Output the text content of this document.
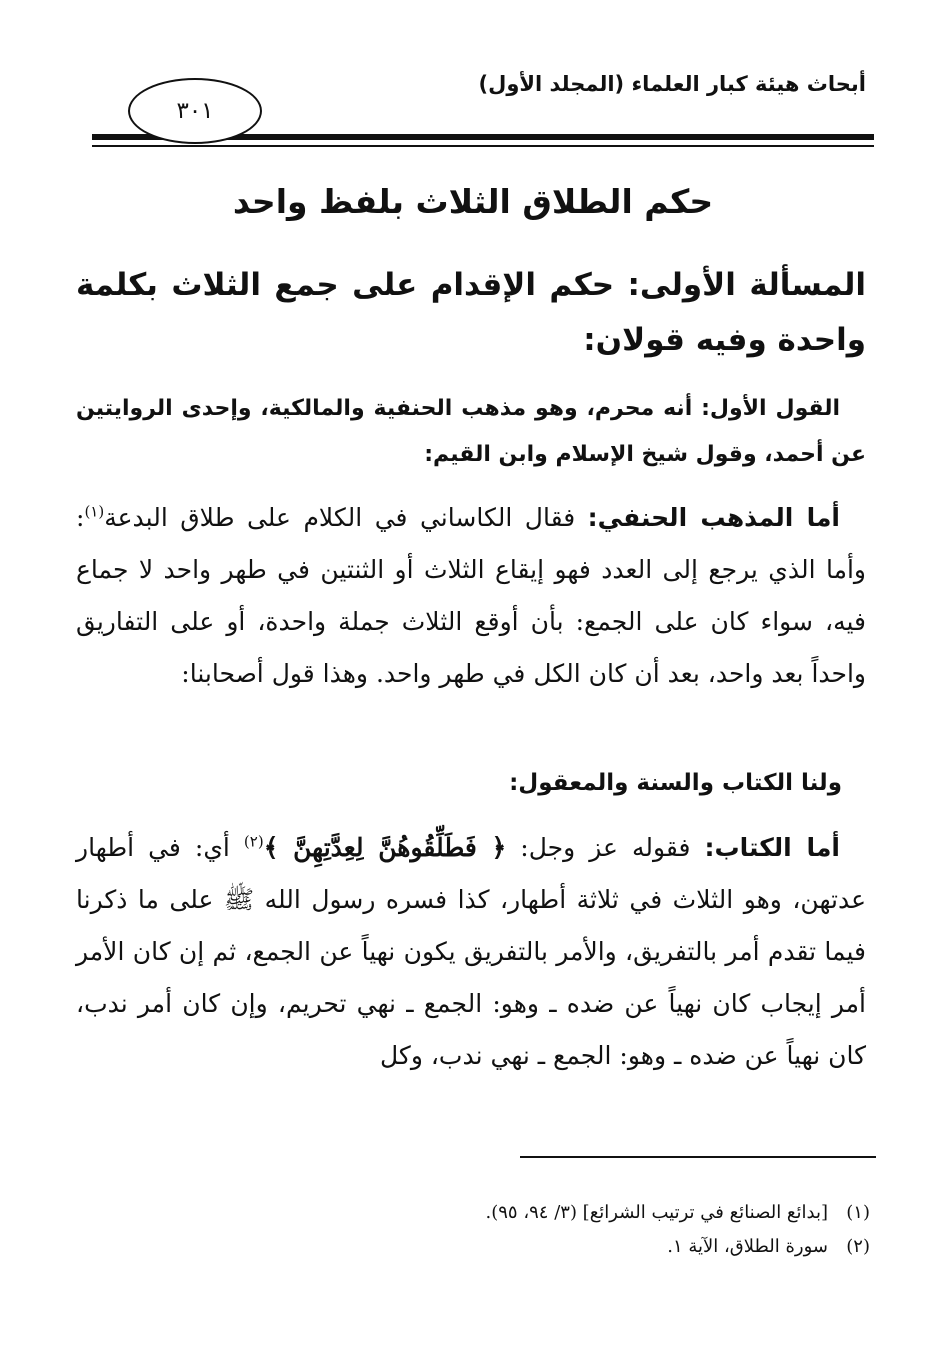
أبحاث هيئة كبار العلماء (المجلد الأول)
٣٠١
حكم الطلاق الثلاث بلفظ واحد
المسألة الأولى: حكم الإقدام على جمع الثلاث بكلمة واحدة وفيه قولان:
القول الأول: أنه محرم، وهو مذهب الحنفية والمالكية، وإحدى الروايتين عن أحمد، وقول شيخ الإسلام وابن القيم:
أما المذهب الحنفي: فقال الكاساني في الكلام على طلاق البدعة$^{(١)}$: وأما الذي يرجع إلى العدد فهو إيقاع الثلاث أو الثنتين في طهر واحد لا جماع فيه، سواء كان على الجمع: بأن أوقع الثلاث جملة واحدة، أو على التفاريق واحداً بعد واحد، بعد أن كان الكل في طهر واحد. وهذا قول أصحابنا:
ولنا الكتاب والسنة والمعقول:
أما الكتاب: فقوله عز وجل: ﴿ فَطَلِّقُوهُنَّ لِعِدَّتِهِنَّ ﴾$^{(٢)}$ أي: في أطهار عدتهن، وهو الثلاث في ثلاثة أطهار، كذا فسره رسول الله ﷺ على ما ذكرنا فيما تقدم أمر بالتفريق، والأمر بالتفريق يكون نهياً عن الجمع، ثم إن كان الأمر أمر إيجاب كان نهياً عن ضده ـ وهو: الجمع ـ نهي تحريم، وإن كان أمر ندب، كان نهياً عن ضده ـ وهو: الجمع ـ نهي ندب، وكل
(١)
[بدائع الصنائع في ترتيب الشرائع] (٣/ ٩٤، ٩٥).
(٢)
سورة الطلاق، الآية ١.
